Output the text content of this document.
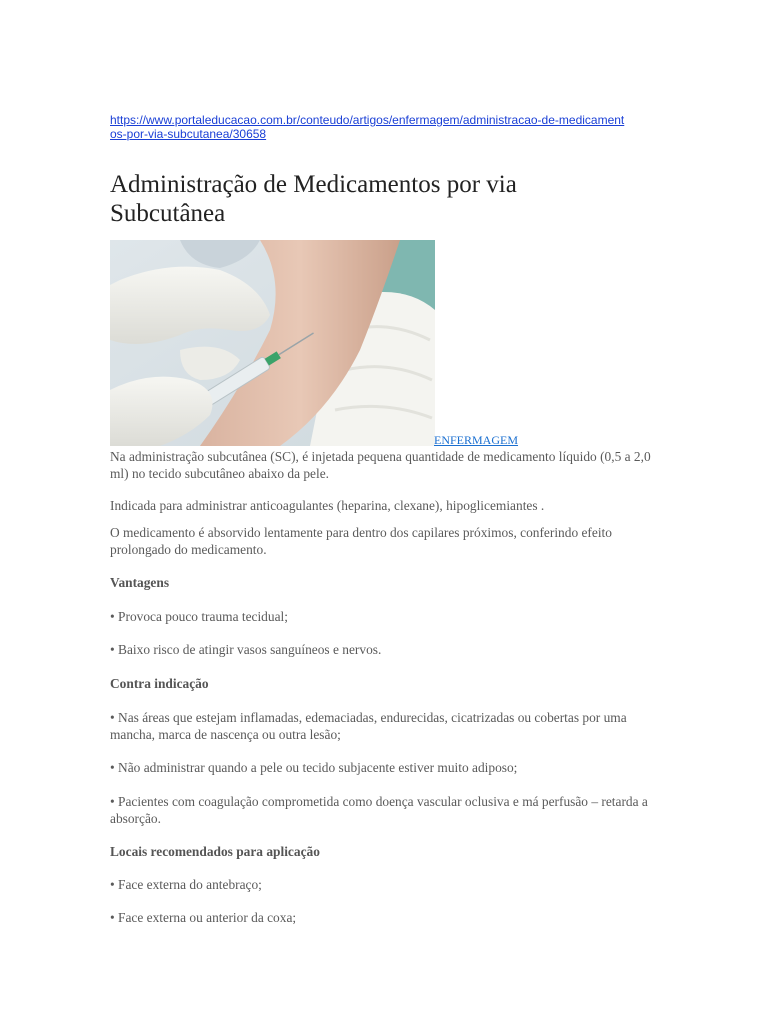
https://www.portaleducacao.com.br/conteudo/artigos/enfermagem/administracao-de-medicamentos-por-via-subcutanea/30658
Administração de Medicamentos por via Subcutânea
ENFERMAGEM

Na administração subcutânea (SC), é injetada pequena quantidade de medicamento líquido (0,5 a 2,0 ml) no tecido subcutâneo abaixo da pele.

Indicada para administrar anticoagulantes (heparina, clexane), hipoglicemiantes .

O medicamento é absorvido lentamente para dentro dos capilares próximos, conferindo efeito prolongado do medicamento.

Vantagens

• Provoca pouco trauma tecidual;

• Baixo risco de atingir vasos sanguíneos e nervos.

Contra indicação

• Nas áreas que estejam inflamadas, edemaciadas, endurecidas, cicatrizadas ou cobertas por uma mancha, marca de nascença ou outra lesão;

• Não administrar quando a pele ou tecido subjacente estiver muito adiposo;

• Pacientes com coagulação comprometida como doença vascular oclusiva e má perfusão – retarda a absorção.

Locais recomendados para aplicação

• Face externa do antebraço;

• Face externa ou anterior da coxa;
